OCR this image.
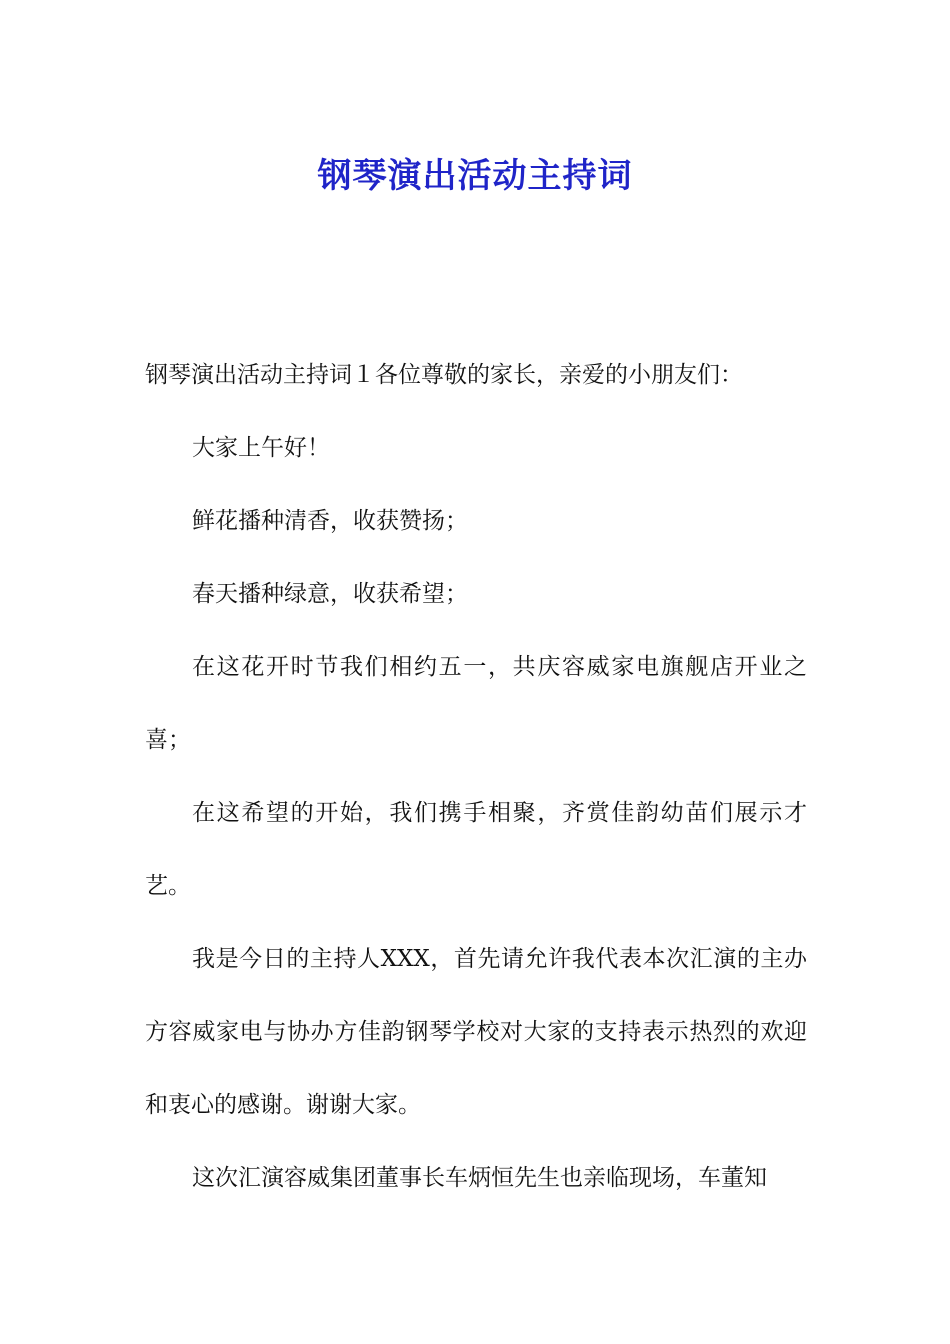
钢琴演出活动主持词

钢琴演出活动主持词１各位尊敬的家长，亲爱的小朋友们：

大家上午好！

鲜花播种清香，收获赞扬；

春天播种绿意，收获希望；

在这花开时节我们相约五一，共庆容威家电旗舰店开业之喜；

在这希望的开始，我们携手相聚，齐赏佳韵幼苗们展示才艺。

我是今日的主持人XXX，首先请允许我代表本次汇演的主办方容威家电与协办方佳韵钢琴学校对大家的支持表示热烈的欢迎和衷心的感谢。谢谢大家。

这次汇演容威集团董事长车炳恒先生也亲临现场，车董知
